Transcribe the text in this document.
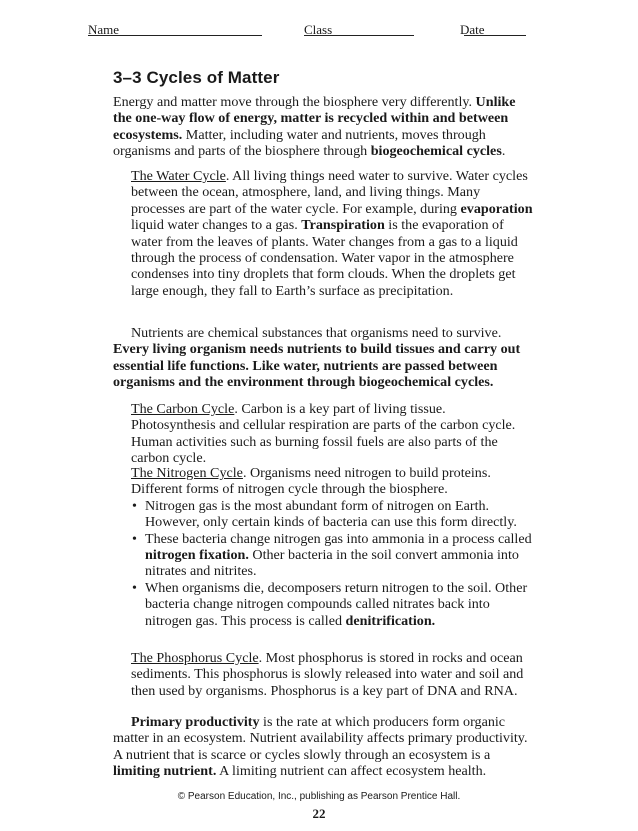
Name	Class	Date
3–3 Cycles of Matter

Energy and matter move through the biosphere very differently. Unlike the one-way flow of energy, matter is recycled within and between ecosystems. Matter, including water and nutrients, moves through organisms and parts of the biosphere through biogeochemical cycles.

The Water Cycle. All living things need water to survive. Water cycles between the ocean, atmosphere, land, and living things. Many processes are part of the water cycle. For example, during evaporation liquid water changes to a gas. Transpiration is the evaporation of water from the leaves of plants. Water changes from a gas to a liquid through the process of condensation. Water vapor in the atmosphere condenses into tiny droplets that form clouds. When the droplets get large enough, they fall to Earth’s surface as precipitation.

Nutrients are chemical substances that organisms need to survive. Every living organism needs nutrients to build tissues and carry out essential life functions. Like water, nutrients are passed between organisms and the environment through biogeochemical cycles.

The Carbon Cycle. Carbon is a key part of living tissue. Photosynthesis and cellular respiration are parts of the carbon cycle. Human activities such as burning fossil fuels are also parts of the carbon cycle.

The Nitrogen Cycle. Organisms need nitrogen to build proteins. Different forms of nitrogen cycle through the biosphere.

• Nitrogen gas is the most abundant form of nitrogen on Earth. However, only certain kinds of bacteria can use this form directly.
• These bacteria change nitrogen gas into ammonia in a process called nitrogen fixation. Other bacteria in the soil convert ammonia into nitrates and nitrites.
• When organisms die, decomposers return nitrogen to the soil. Other bacteria change nitrogen compounds called nitrates back into nitrogen gas. This process is called denitrification.

The Phosphorus Cycle. Most phosphorus is stored in rocks and ocean sediments. This phosphorus is slowly released into water and soil and then used by organisms. Phosphorus is a key part of DNA and RNA.

Primary productivity is the rate at which producers form organic matter in an ecosystem. Nutrient availability affects primary productivity. A nutrient that is scarce or cycles slowly through an ecosystem is a limiting nutrient. A limiting nutrient can affect ecosystem health.

© Pearson Education, Inc., publishing as Pearson Prentice Hall.
22
